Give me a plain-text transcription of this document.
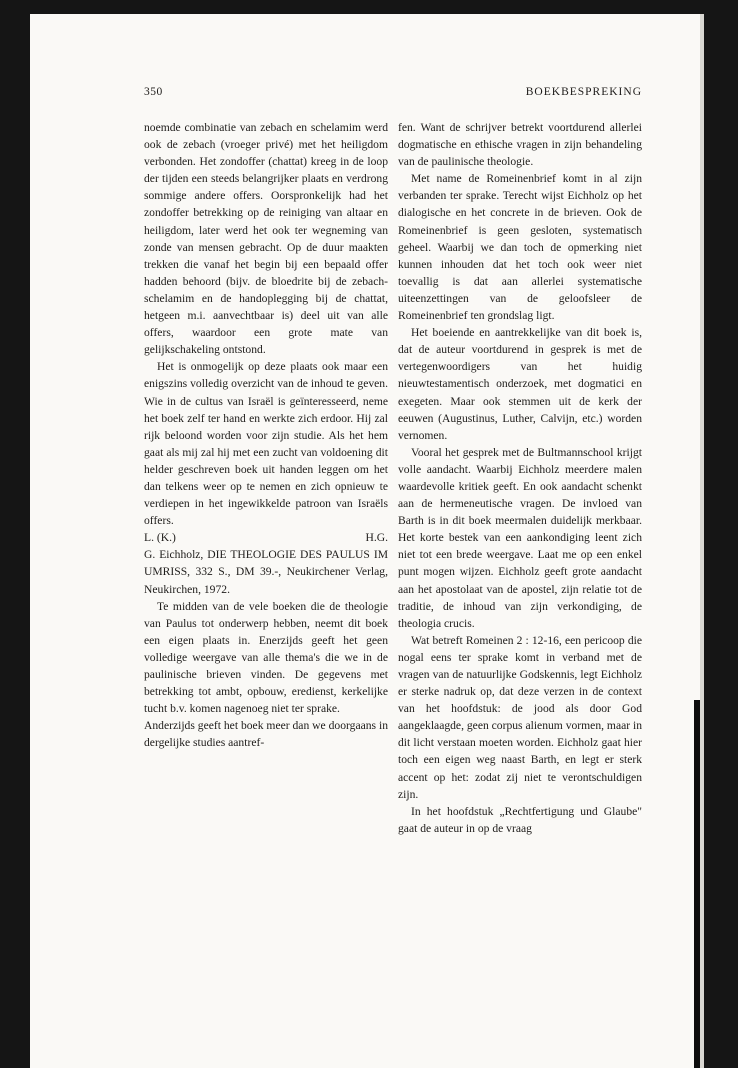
350	BOEKBESPREKING

noemde combinatie van zebach en schelamim werd ook de zebach (vroeger privé) met het heiligdom verbonden. Het zondoffer (chattat) kreeg in de loop der tijden een steeds belangrijker plaats en verdrong sommige andere offers. Oorspronkelijk had het zondoffer betrekking op de reiniging van altaar en heiligdom, later werd het ook ter wegneming van zonde van mensen gebracht. Op de duur maakten trekken die vanaf het begin bij een bepaald offer hadden behoord (bijv. de bloedrite bij de zebach-schelamim en de handoplegging bij de chattat, hetgeen m.i. aanvechtbaar is) deel uit van alle offers, waardoor een grote mate van gelijkschakeling ontstond.

Het is onmogelijk op deze plaats ook maar een enigszins volledig overzicht van de inhoud te geven. Wie in de cultus van Israël is geïnteresseerd, neme het boek zelf ter hand en werkte zich erdoor. Hij zal rijk beloond worden voor zijn studie. Als het hem gaat als mij zal hij met een zucht van voldoening dit helder geschreven boek uit handen leggen om het dan telkens weer op te nemen en zich opnieuw te verdiepen in het ingewikkelde patroon van Israëls offers.

L. (K.)	H.G.

G. Eichholz, DIE THEOLOGIE DES PAULUS IM UMRISS, 332 S., DM 39.-, Neukirchener Verlag, Neukirchen, 1972.

Te midden van de vele boeken die de theologie van Paulus tot onderwerp hebben, neemt dit boek een eigen plaats in. Enerzijds geeft het geen volledige weergave van alle thema's die we in de paulinische brieven vinden. De gegevens met betrekking tot ambt, opbouw, eredienst, kerkelijke tucht b.v. komen nagenoeg niet ter sprake.

Anderzijds geeft het boek meer dan we doorgaans in dergelijke studies aantref-

fen. Want de schrijver betrekt voortdurend allerlei dogmatische en ethische vragen in zijn behandeling van de paulinische theologie.

Met name de Romeinenbrief komt in al zijn verbanden ter sprake. Terecht wijst Eichholz op het dialogische en het concrete in de brieven. Ook de Romeinenbrief is geen gesloten, systematisch geheel. Waarbij we dan toch de opmerking niet kunnen inhouden dat het toch ook weer niet toevallig is dat aan allerlei systematische uiteenzettingen van de geloofsleer de Romeinenbrief ten grondslag ligt.

Het boeiende en aantrekkelijke van dit boek is, dat de auteur voortdurend in gesprek is met de vertegenwoordigers van het huidig nieuwtestamentisch onderzoek, met dogmatici en exegeten. Maar ook stemmen uit de kerk der eeuwen (Augustinus, Luther, Calvijn, etc.) worden vernomen.

Vooral het gesprek met de Bultmannschool krijgt volle aandacht. Waarbij Eichholz meerdere malen waardevolle kritiek geeft. En ook aandacht schenkt aan de hermeneutische vragen. De invloed van Barth is in dit boek meermalen duidelijk merkbaar. Het korte bestek van een aankondiging leent zich niet tot een brede weergave. Laat me op een enkel punt mogen wijzen. Eichholz geeft grote aandacht aan het apostolaat van de apostel, zijn relatie tot de traditie, de inhoud van zijn verkondiging, de theologia crucis.

Wat betreft Romeinen 2 : 12-16, een pericoop die nogal eens ter sprake komt in verband met de vragen van de natuurlijke Godskennis, legt Eichholz er sterke nadruk op, dat deze verzen in de context van het hoofdstuk: de jood als door God aangeklaagde, geen corpus alienum vormen, maar in dit licht verstaan moeten worden. Eichholz gaat hier toch een eigen weg naast Barth, en legt er sterk accent op het: zodat zij niet te verontschuldigen zijn.

In het hoofdstuk „Rechtfertigung und Glaube" gaat de auteur in op de vraag
